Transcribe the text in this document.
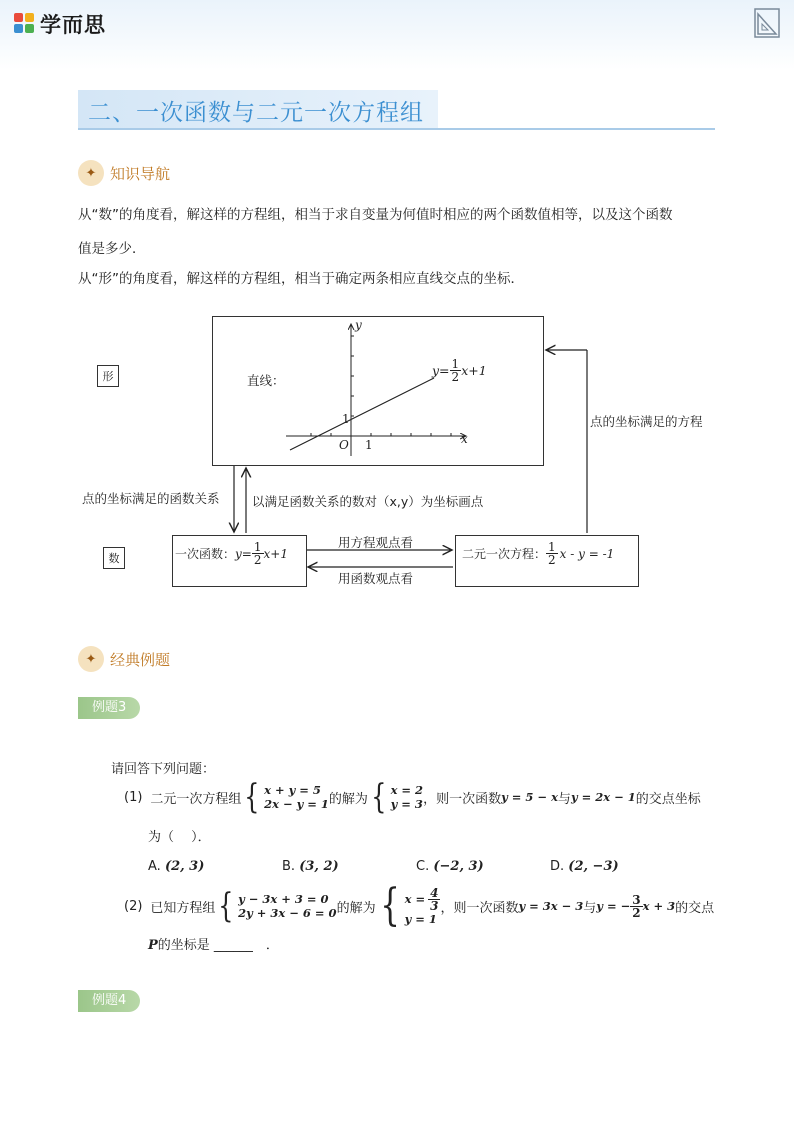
学而思
二、一次函数与二元一次方程组
✦ 知识导航
从“数”的角度看，解这样的方程组，相当于求自变量为何值时相应的两个函数值相等，以及这个函数
值是多少．
从“形”的角度看，解这样的方程组，相当于确定两条相应直线交点的坐标．
形
数
直线：
y
x
O 1
1
$y= \frac{1}{2} x+1$
一次函数： $y= \frac{1}{2} x+1$	二元一次方程： $\frac{1}{2}$ x - y = -1
点的坐标满足的方程
点的坐标满足的函数关系	以满足函数关系的数对（x,y）为坐标画点
用方程观点看
用函数观点看
✦ 经典例题
例题3
请回答下列问题：
(1) 二元一次方程组 { x + y = 5
2x − y = 1 的解为 { x = 2
y = 3 ，则一次函数 y = 5 − x 与 y = 2x − 1 的交点坐标
为（　 ）．
A. (2, 3)	B. (3, 2)	C. (−2, 3)	D. (2, −3)
(2) 已知方程组 { y − 3x + 3 = 0
2y + 3x − 6 = 0 的解为 { $x = \frac{4}{3}$
y = 1
，则一次函数 y = 3x − 3 与 y = − $\frac{3}{2}$ x + 3 的交点
P的坐标是 ______　．
例题4
